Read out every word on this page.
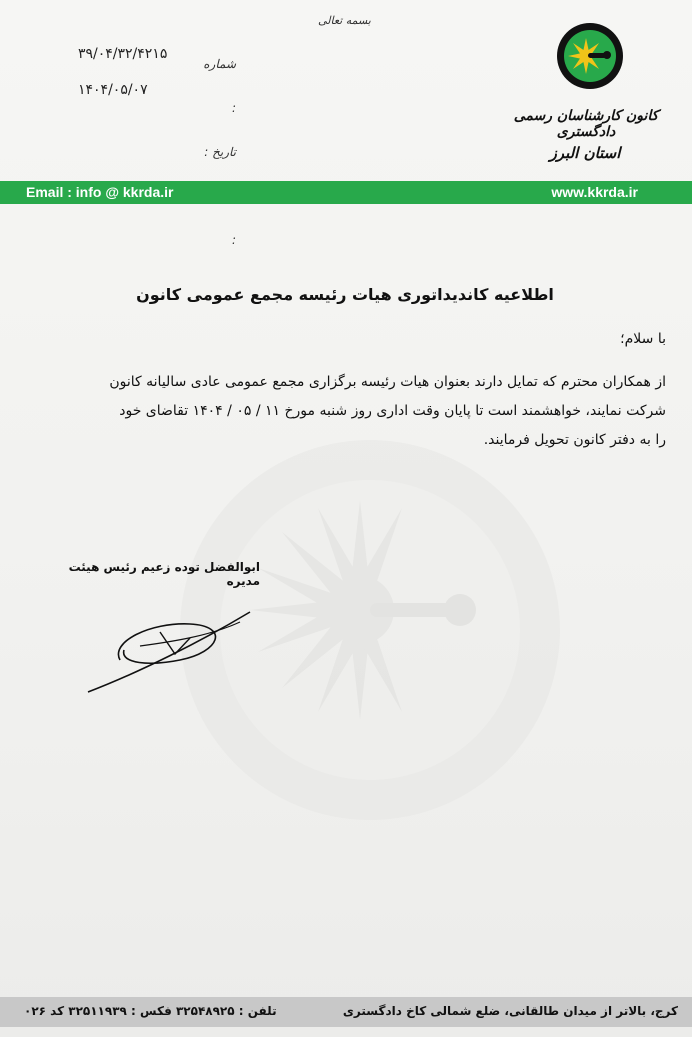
بسمه تعالی
۳۹/۰۴/۳۲/۴۲۱۵
۱۴۰۴/۰۵/۰۷
شماره :
تاریخ :
:
کانون کارشناسان رسمی دادگستری
استان البرز
Email : info @ kkrda.ir	www.kkrda.ir
اطلاعیه کاندیداتوری هیات رئیسه مجمع عمومی کانون
با سلام؛
از همکاران محترم که تمایل دارند بعنوان هیات رئیسه برگزاری مجمع عمومی عادی سالیانه کانون
شرکت نمایند، خواهشمند است تا پایان وقت اداری روز شنبه مورخ ۱۱ / ۰۵ / ۱۴۰۴ تقاضای خود
را به دفتر کانون تحویل فرمایند.
ابوالفضل توده زعیم رئیس هیئت مدیره
کرج، بالاتر از میدان طالقانی، ضلع شمالی کاخ دادگستری
تلفن : ۳۲۵۴۸۹۲۵ فکس : ۳۲۵۱۱۹۳۹ کد ۰۲۶
